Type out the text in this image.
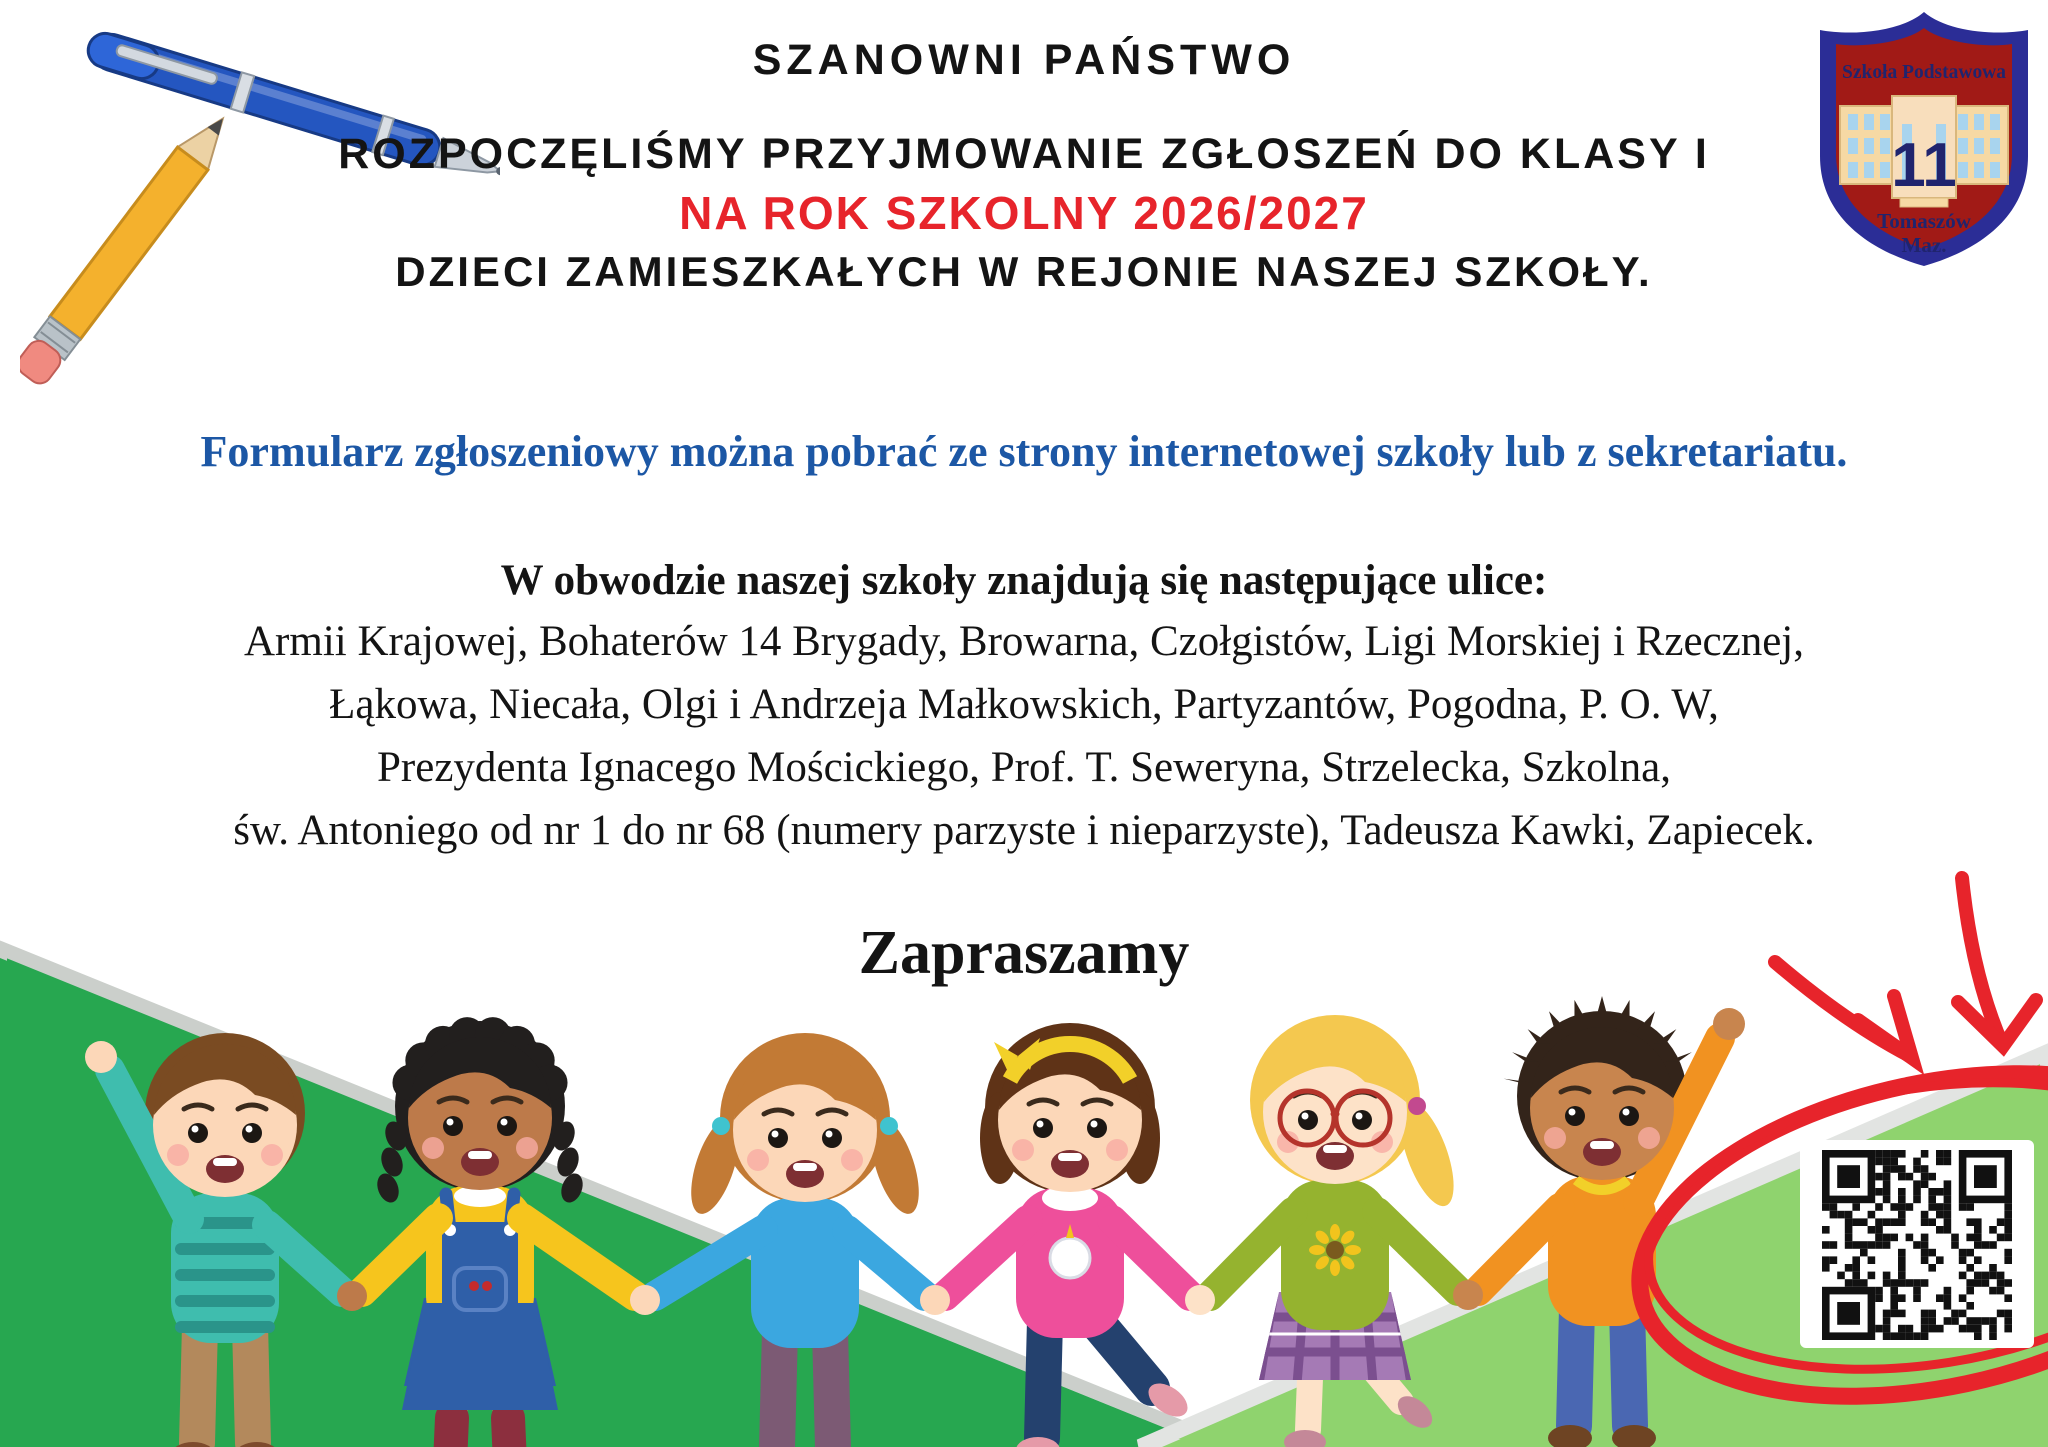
Szkoła Podstawowa
11
Tomaszów
Maz.
SZANOWNI PAŃSTWO
ROZPOCZĘLIŚMY PRZYJMOWANIE ZGŁOSZEŃ DO KLASY I
NA ROK SZKOLNY 2026/2027
DZIECI ZAMIESZKAŁYCH W REJONIE NASZEJ SZKOŁY.
Formularz zgłoszeniowy można pobrać ze strony internetowej szkoły lub z sekretariatu.
W obwodzie naszej szkoły znajdują się następujące ulice:
Armii Krajowej, Bohaterów 14 Brygady, Browarna, Czołgistów, Ligi Morskiej i Rzecznej,
Łąkowa, Niecała, Olgi i Andrzeja Małkowskich, Partyzantów, Pogodna, P. O. W,
Prezydenta Ignacego Mościckiego, Prof. T. Seweryna, Strzelecka, Szkolna,
św. Antoniego od nr 1 do nr 68 (numery parzyste i nieparzyste), Tadeusza Kawki, Zapiecek.
Zapraszamy
